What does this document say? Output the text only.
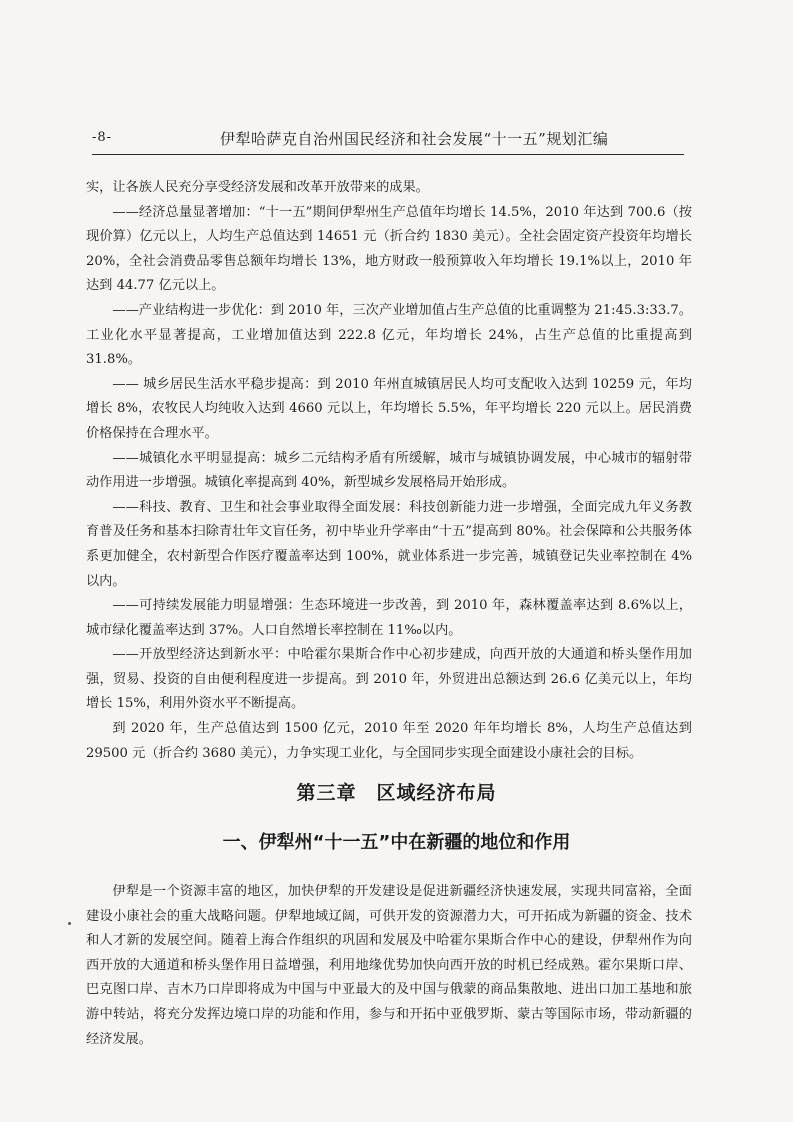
-8-	伊犁哈萨克自治州国民经济和社会发展“十一五”规划汇编

实，让各族人民充分享受经济发展和改革开放带来的成果。

——经济总量显著增加：“十一五”期间伊犁州生产总值年均增长 14.5%，2010 年达到 700.6（按现价算）亿元以上，人均生产总值达到 14651 元（折合约 1830 美元）。全社会固定资产投资年均增长 20%，全社会消费品零售总额年均增长 13%，地方财政一般预算收入年均增长 19.1%以上，2010 年达到 44.77 亿元以上。

——产业结构进一步优化：到 2010 年，三次产业增加值占生产总值的比重调整为 21:45.3:33.7。工业化水平显著提高，工业增加值达到 222.8 亿元，年均增长 24%，占生产总值的比重提高到 31.8%。

—— 城乡居民生活水平稳步提高：到 2010 年州直城镇居民人均可支配收入达到 10259 元，年均增长 8%，农牧民人均纯收入达到 4660 元以上，年均增长 5.5%，年平均增长 220 元以上。居民消费价格保持在合理水平。

——城镇化水平明显提高：城乡二元结构矛盾有所缓解，城市与城镇协调发展，中心城市的辐射带动作用进一步增强。城镇化率提高到 40%，新型城乡发展格局开始形成。

——科技、教育、卫生和社会事业取得全面发展：科技创新能力进一步增强，全面完成九年义务教育普及任务和基本扫除青壮年文盲任务，初中毕业升学率由“十五”提高到 80%。社会保障和公共服务体系更加健全，农村新型合作医疗覆盖率达到 100%，就业体系进一步完善，城镇登记失业率控制在 4%以内。

——可持续发展能力明显增强：生态环境进一步改善，到 2010 年，森林覆盖率达到 8.6%以上，城市绿化覆盖率达到 37%。人口自然增长率控制在 11‰以内。

——开放型经济达到新水平：中哈霍尔果斯合作中心初步建成，向西开放的大通道和桥头堡作用加强，贸易、投资的自由便利程度进一步提高。到 2010 年，外贸进出总额达到 26.6 亿美元以上，年均增长 15%，利用外资水平不断提高。

到 2020 年，生产总值达到 1500 亿元，2010 年至 2020 年年均增长 8%，人均生产总值达到 29500 元（折合约 3680 美元），力争实现工业化，与全国同步实现全面建设小康社会的目标。

第三章　区域经济布局
一、伊犁州“十一五”中在新疆的地位和作用

伊犁是一个资源丰富的地区，加快伊犁的开发建设是促进新疆经济快速发展，实现共同富裕，全面建设小康社会的重大战略问题。伊犁地域辽阔，可供开发的资源潜力大，可开拓成为新疆的资金、技术和人才新的发展空间。随着上海合作组织的巩固和发展及中哈霍尔果斯合作中心的建设，伊犁州作为向西开放的大通道和桥头堡作用日益增强，利用地缘优势加快向西开放的时机已经成熟。霍尔果斯口岸、巴克图口岸、吉木乃口岸即将成为中国与中亚最大的及中国与俄蒙的商品集散地、进出口加工基地和旅游中转站，将充分发挥边境口岸的功能和作用，参与和开拓中亚俄罗斯、蒙古等国际市场，带动新疆的经济发展。
